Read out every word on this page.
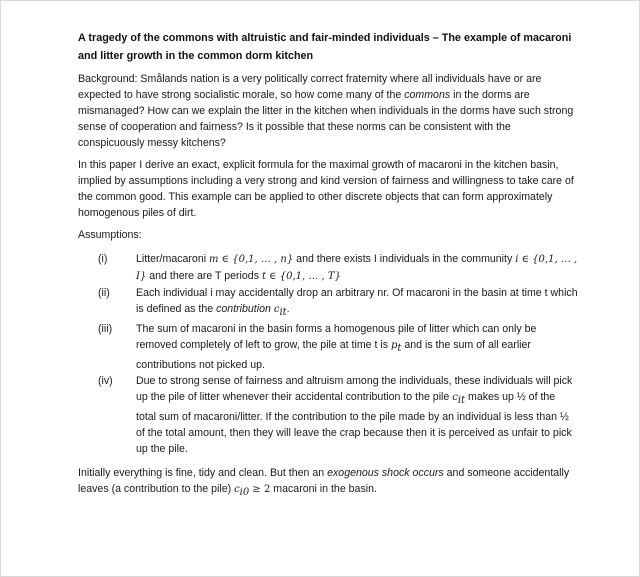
A tragedy of the commons with altruistic and fair-minded individuals – The example of macaroni and litter growth in the common dorm kitchen

Background: Smålands nation is a very politically correct fraternity where all individuals have or are expected to have strong socialistic morale, so how come many of the commons in the dorms are mismanaged? How can we explain the litter in the kitchen when individuals in the dorms have such strong sense of cooperation and fairness? Is it possible that these norms can be consistent with the conspicuously messy kitchens?

In this paper I derive an exact, explicit formula for the maximal growth of macaroni in the kitchen basin, implied by assumptions including a very strong and kind version of fairness and willingness to take care of the common good. This example can be applied to other discrete objects that can form approximately homogenous piles of dirt.

Assumptions:

(i)	Litter/macaroni m ∈ {0,1, … , n} and there exists I individuals in the community i ∈ {0,1, … , I} and there are T periods t ∈ {0,1, … , T}
(ii)	Each individual i may accidentally drop an arbitrary nr. Of macaroni in the basin at time t which is defined as the contribution $c_{it}$.
(iii)	The sum of macaroni in the basin forms a homogenous pile of litter which can only be removed completely of left to grow, the pile at time t is $p_t$ and is the sum of all earlier contributions not picked up.
(iv)	Due to strong sense of fairness and altruism among the individuals, these individuals will pick up the pile of litter whenever their accidental contribution to the pile $c_{it}$ makes up ½ of the total sum of macaroni/litter. If the contribution to the pile made by an individual is less than ½ of the total amount, then they will leave the crap because then it is perceived as unfair to pick up the pile.

Initially everything is fine, tidy and clean. But then an exogenous shock occurs and someone accidentally leaves (a contribution to the pile) $c_{i0} \ge 2$ macaroni in the basin.
